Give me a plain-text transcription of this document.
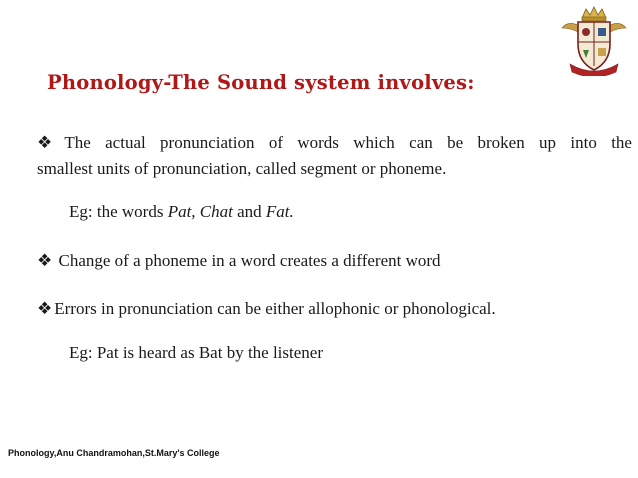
Phonology-The Sound system involves:
❖ The actual pronunciation of words which can be broken up into the
smallest units of pronunciation, called segment or phoneme.
Eg: the words Pat, Chat and Fat.
❖ Change of a phoneme in a word creates a different word
❖ Errors in pronunciation can be either allophonic or phonological.
Eg: Pat is heard as Bat by the listener
Phonology,Anu Chandramohan,St.Mary's College
